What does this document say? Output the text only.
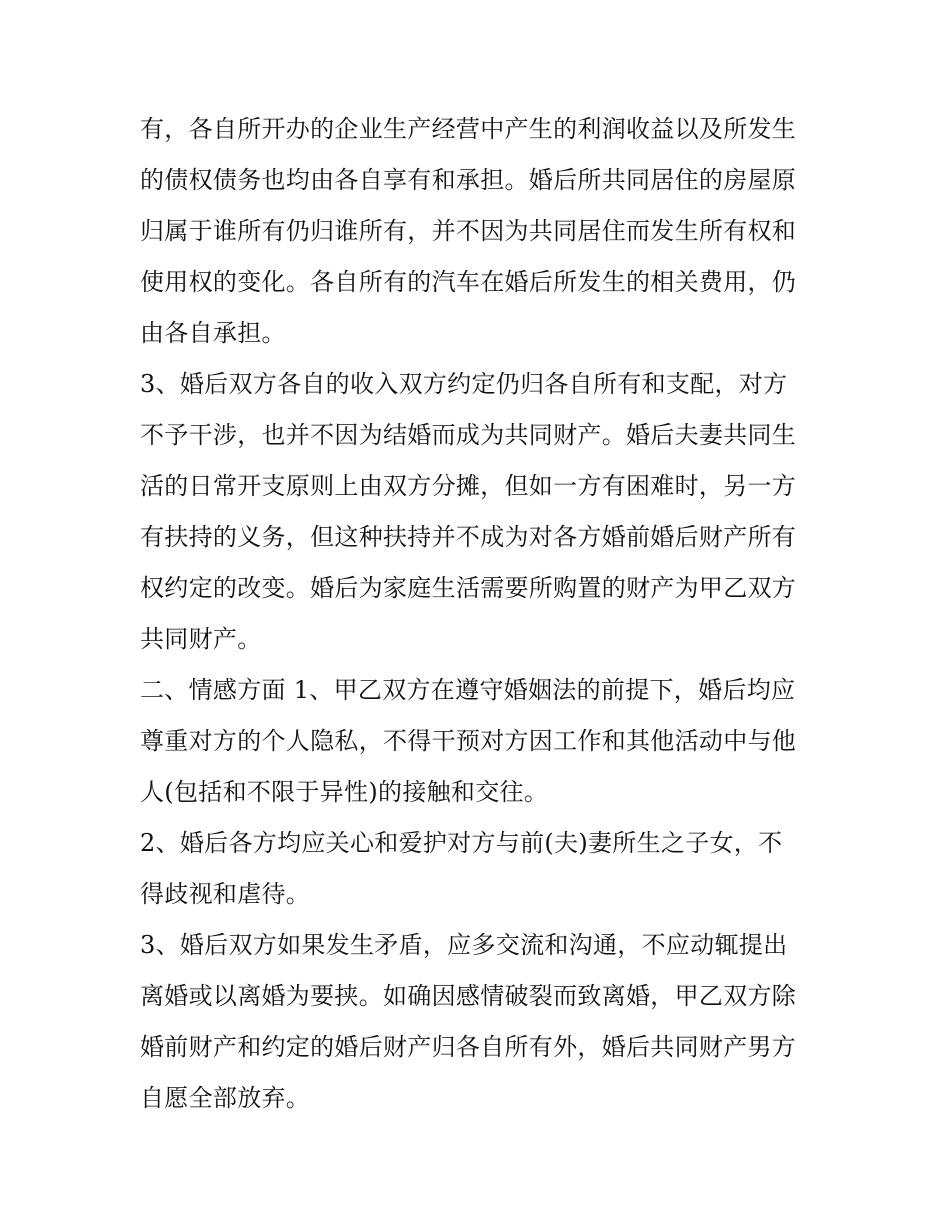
有，各自所开办的企业生产经营中产生的利润收益以及所发生
的债权债务也均由各自享有和承担。婚后所共同居住的房屋原
归属于谁所有仍归谁所有，并不因为共同居住而发生所有权和
使用权的变化。各自所有的汽车在婚后所发生的相关费用，仍
由各自承担。
3、婚后双方各自的收入双方约定仍归各自所有和支配，对方
不予干涉，也并不因为结婚而成为共同财产。婚后夫妻共同生
活的日常开支原则上由双方分摊，但如一方有困难时，另一方
有扶持的义务，但这种扶持并不成为对各方婚前婚后财产所有
权约定的改变。婚后为家庭生活需要所购置的财产为甲乙双方
共同财产。
二、情感方面 1、甲乙双方在遵守婚姻法的前提下，婚后均应
尊重对方的个人隐私，不得干预对方因工作和其他活动中与他
人(包括和不限于异性)的接触和交往。
2、婚后各方均应关心和爱护对方与前(夫)妻所生之子女，不
得歧视和虐待。
3、婚后双方如果发生矛盾，应多交流和沟通，不应动辄提出
离婚或以离婚为要挟。如确因感情破裂而致离婚，甲乙双方除
婚前财产和约定的婚后财产归各自所有外，婚后共同财产男方
自愿全部放弃。
